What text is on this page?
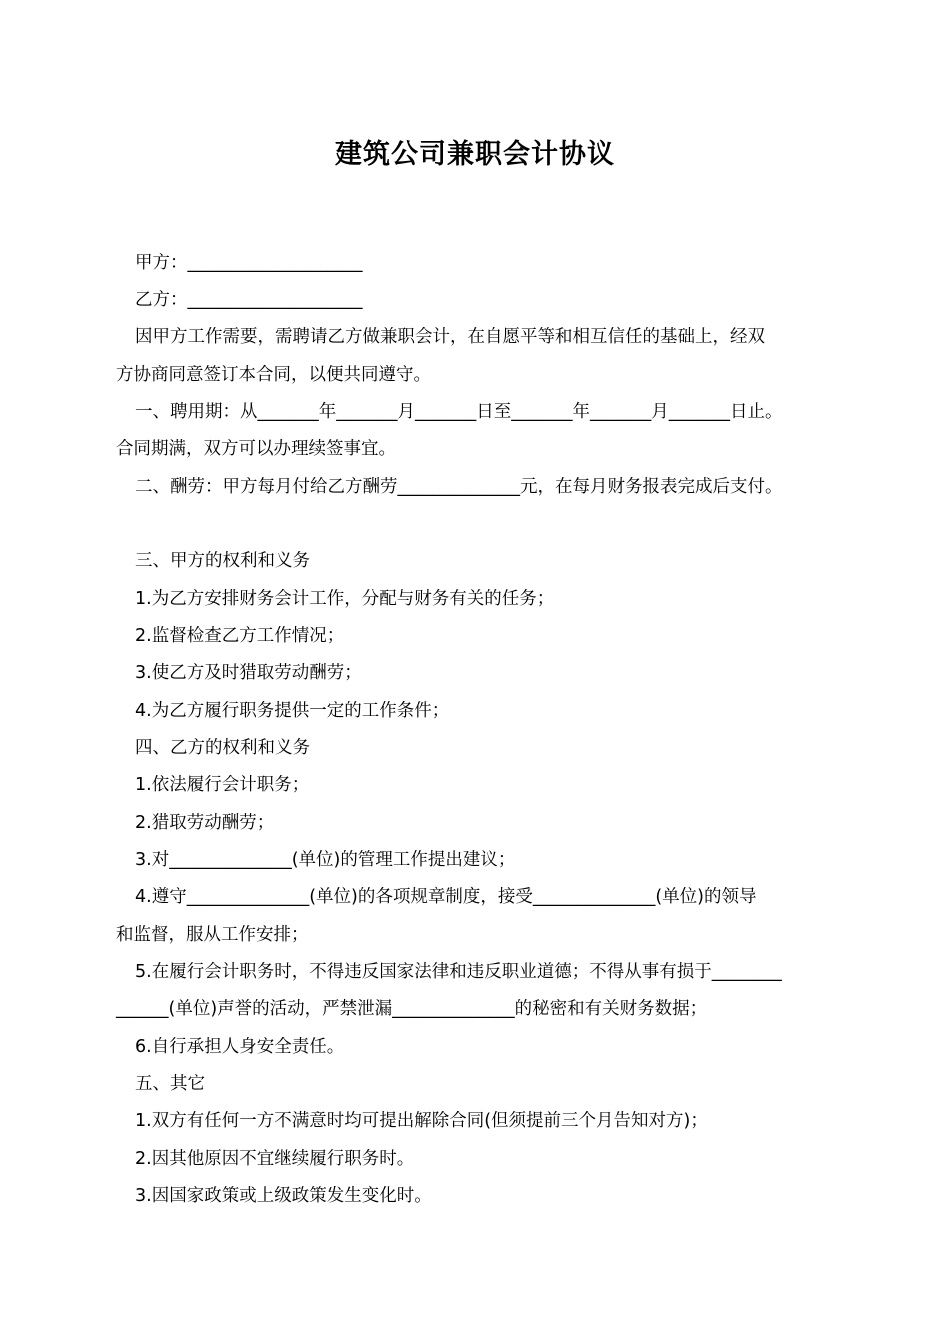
建筑公司兼职会计协议
甲方：____________________
乙方：____________________
因甲方工作需要，需聘请乙方做兼职会计，在自愿平等和相互信任的基础上，经双
方协商同意签订本合同，以便共同遵守。
一、聘用期：从_______年_______月_______日至_______年_______月_______日止。
合同期满，双方可以办理续签事宜。
二、酬劳：甲方每月付给乙方酬劳______________元，在每月财务报表完成后支付。
三、甲方的权利和义务
1.为乙方安排财务会计工作，分配与财务有关的任务；
2.监督检查乙方工作情况；
3.使乙方及时猎取劳动酬劳；
4.为乙方履行职务提供一定的工作条件；
四、乙方的权利和义务
1.依法履行会计职务；
2.猎取劳动酬劳；
3.对______________(单位)的管理工作提出建议；
4.遵守______________(单位)的各项规章制度，接受______________(单位)的领导
和监督，服从工作安排；
5.在履行会计职务时，不得违反国家法律和违反职业道德；不得从事有损于________
______(单位)声誉的活动，严禁泄漏______________的秘密和有关财务数据；
6.自行承担人身安全责任。
五、其它
1.双方有任何一方不满意时均可提出解除合同(但须提前三个月告知对方)；
2.因其他原因不宜继续履行职务时。
3.因国家政策或上级政策发生变化时。
